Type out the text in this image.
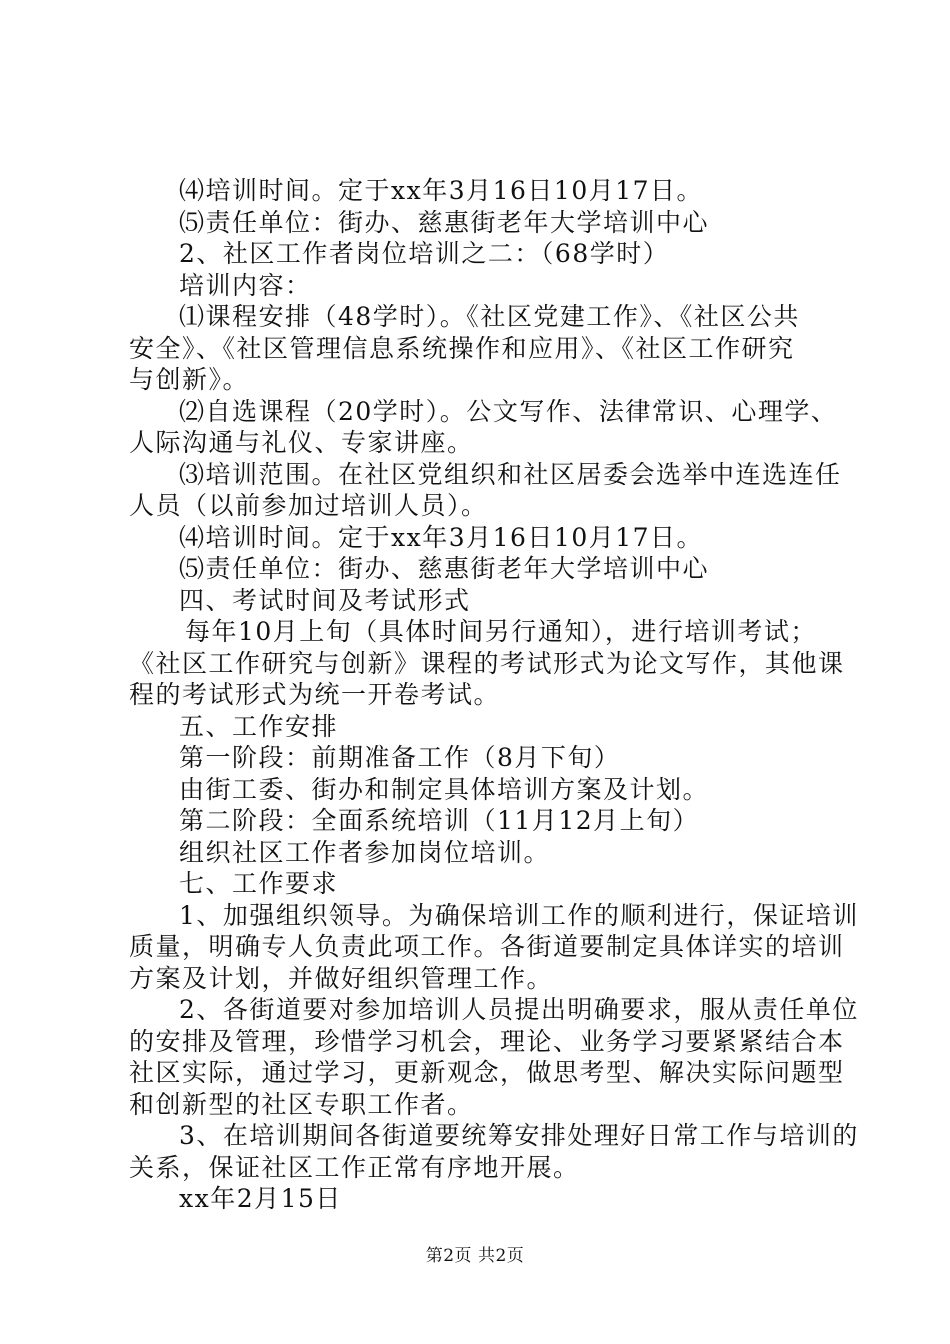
⑷培训时间。定于xx年3月16日10月17日。
⑸责任单位：街办、慈惠街老年大学培训中心
2、社区工作者岗位培训之二：（68学时）
培训内容：
⑴课程安排（48学时）。《社区党建工作》、《社区公共
安全》、《社区管理信息系统操作和应用》、《社区工作研究
与创新》。
⑵自选课程（20学时）。公文写作、法律常识、心理学、
人际沟通与礼仪、专家讲座。
⑶培训范围。在社区党组织和社区居委会选举中连选连任
人员（以前参加过培训人员）。
⑷培训时间。定于xx年3月16日10月17日。
⑸责任单位：街办、慈惠街老年大学培训中心
四、考试时间及考试形式
每年10月上旬（具体时间另行通知），进行培训考试；
《社区工作研究与创新》课程的考试形式为论文写作，其他课
程的考试形式为统一开卷考试。
五、工作安排
第一阶段：前期准备工作（8月下旬）
由街工委、街办和制定具体培训方案及计划。
第二阶段：全面系统培训（11月12月上旬）
组织社区工作者参加岗位培训。
七、工作要求
1、加强组织领导。为确保培训工作的顺利进行，保证培训
质量，明确专人负责此项工作。各街道要制定具体详实的培训
方案及计划，并做好组织管理工作。
2、各街道要对参加培训人员提出明确要求，服从责任单位
的安排及管理，珍惜学习机会，理论、业务学习要紧紧结合本
社区实际，通过学习，更新观念，做思考型、解决实际问题型
和创新型的社区专职工作者。
3、在培训期间各街道要统筹安排处理好日常工作与培训的
关系，保证社区工作正常有序地开展。
xx年2月15日
第2页 共2页
